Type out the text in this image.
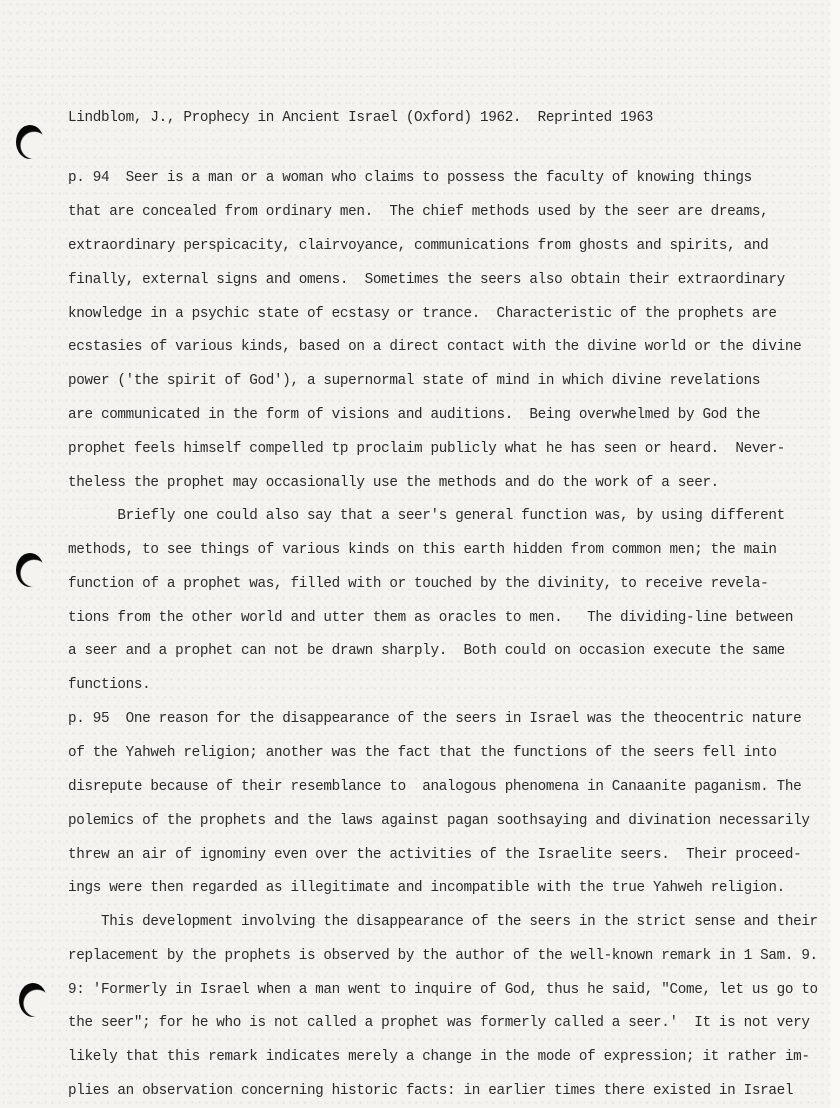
Lindblom, J., Prophecy in Ancient Israel (Oxford) 1962.  Reprinted 1963
p. 94  Seer is a man or a woman who claims to possess the faculty of knowing things
that are concealed from ordinary men.  The chief methods used by the seer are dreams,
extraordinary perspicacity, clairvoyance, communications from ghosts and spirits, and
finally, external signs and omens.  Sometimes the seers also obtain their extraordinary
knowledge in a psychic state of ecstasy or trance.  Characteristic of the prophets are
ecstasies of various kinds, based on a direct contact with the divine world or the divine
power ('the spirit of God'), a supernormal state of mind in which divine revelations
are communicated in the form of visions and auditions.  Being overwhelmed by God the
prophet feels himself compelled tp proclaim publicly what he has seen or heard.  Never-
theless the prophet may occasionally use the methods and do the work of a seer.
Briefly one could also say that a seer's general function was, by using different
methods, to see things of various kinds on this earth hidden from common men; the main
function of a prophet was, filled with or touched by the divinity, to receive revela-
tions from the other world and utter them as oracles to men.   The dividing-line between
a seer and a prophet can not be drawn sharply.  Both could on occasion execute the same
functions.
p. 95  One reason for the disappearance of the seers in Israel was the theocentric nature
of the Yahweh religion; another was the fact that the functions of the seers fell into
disrepute because of their resemblance to  analogous phenomena in Canaanite paganism. The
polemics of the prophets and the laws against pagan soothsaying and divination necessarily
threw an air of ignominy even over the activities of the Israelite seers.  Their proceed-
ings were then regarded as illegitimate and incompatible with the true Yahweh religion.
This development involving the disappearance of the seers in the strict sense and their
replacement by the prophets is observed by the author of the well-known remark in 1 Sam. 9.
9: 'Formerly in Israel when a man went to inquire of God, thus he said, "Come, let us go to
the seer"; for he who is not called a prophet was formerly called a seer.'  It is not very
likely that this remark indicates merely a change in the mode of expression; it rather im-
plies an observation concerning historic facts: in earlier times there existed in Israel
